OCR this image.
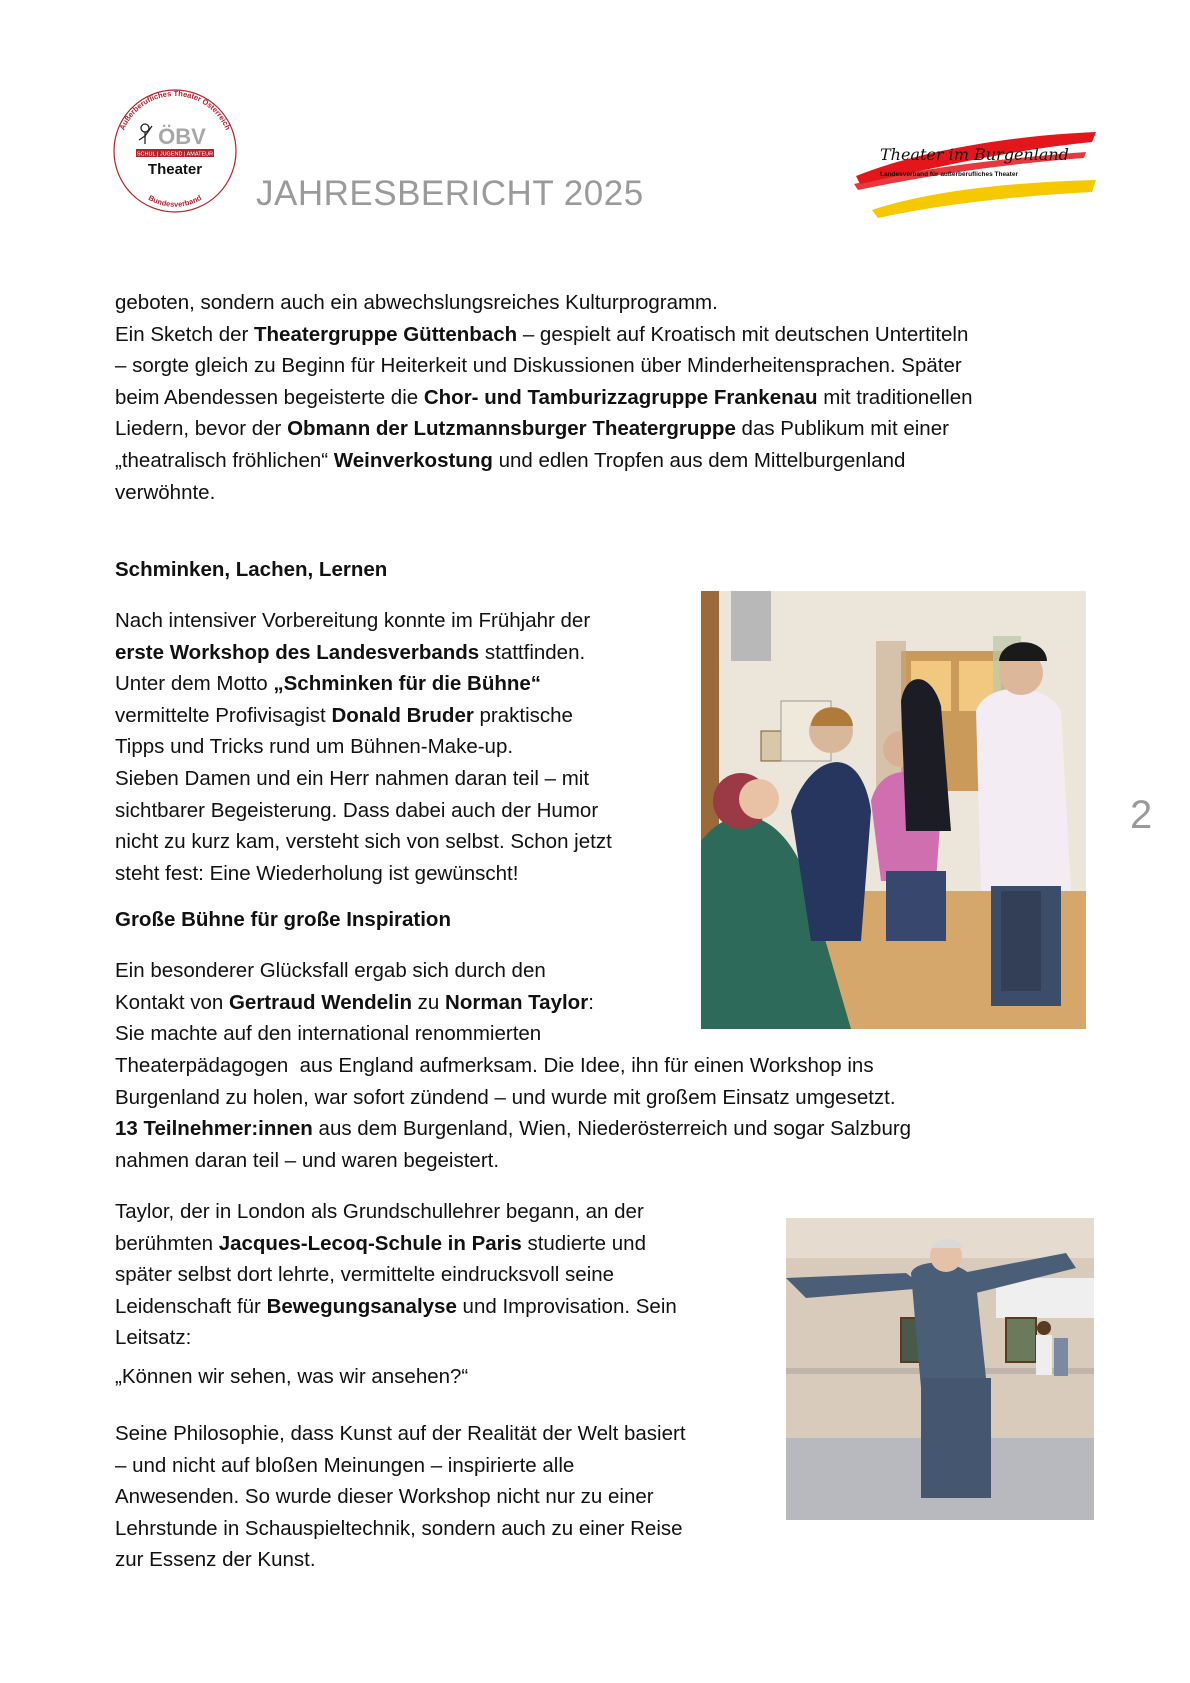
Außerberufliches Theater Österreich
Bundesverband
ÖBV
SCHUL | JUGEND | AMATEUR
Theater
JAHRESBERICHT 2025
Theater im Burgenland
Landesverband für außerberufliches Theater
geboten, sondern auch ein abwechslungsreiches Kulturprogramm.
Ein Sketch der Theatergruppe Güttenbach – gespielt auf Kroatisch mit deutschen Untertiteln
– sorgte gleich zu Beginn für Heiterkeit und Diskussionen über Minderheitensprachen. Später
beim Abendessen begeisterte die Chor- und Tamburizzagruppe Frankenau mit traditionellen
Liedern, bevor der Obmann der Lutzmannsburger Theatergruppe das Publikum mit einer
„theatralisch fröhlichen“ Weinverkostung und edlen Tropfen aus dem Mittelburgenland
verwöhnte.
Schminken, Lachen, Lernen
Nach intensiver Vorbereitung konnte im Frühjahr der
erste Workshop des Landesverbands stattfinden.
Unter dem Motto „Schminken für die Bühne“
vermittelte Profivisagist Donald Bruder praktische
Tipps und Tricks rund um Bühnen-Make-up.
Sieben Damen und ein Herr nahmen daran teil – mit
sichtbarer Begeisterung. Dass dabei auch der Humor
nicht zu kurz kam, versteht sich von selbst. Schon jetzt
steht fest: Eine Wiederholung ist gewünscht!
Große Bühne für große Inspiration
Ein besonderer Glücksfall ergab sich durch den
Kontakt von Gertraud Wendelin zu Norman Taylor:
Sie machte auf den international renommierten
Theaterpädagogen  aus England aufmerksam. Die Idee, ihn für einen Workshop ins
Burgenland zu holen, war sofort zündend – und wurde mit großem Einsatz umgesetzt.
13 Teilnehmer:innen aus dem Burgenland, Wien, Niederösterreich und sogar Salzburg
nahmen daran teil – und waren begeistert.
Taylor, der in London als Grundschullehrer begann, an der
berühmten Jacques-Lecoq-Schule in Paris studierte und
später selbst dort lehrte, vermittelte eindrucksvoll seine
Leidenschaft für Bewegungsanalyse und Improvisation. Sein
Leitsatz:
„Können wir sehen, was wir ansehen?“
Seine Philosophie, dass Kunst auf der Realität der Welt basiert
– und nicht auf bloßen Meinungen – inspirierte alle
Anwesenden. So wurde dieser Workshop nicht nur zu einer
Lehrstunde in Schauspieltechnik, sondern auch zu einer Reise
zur Essenz der Kunst.
2
